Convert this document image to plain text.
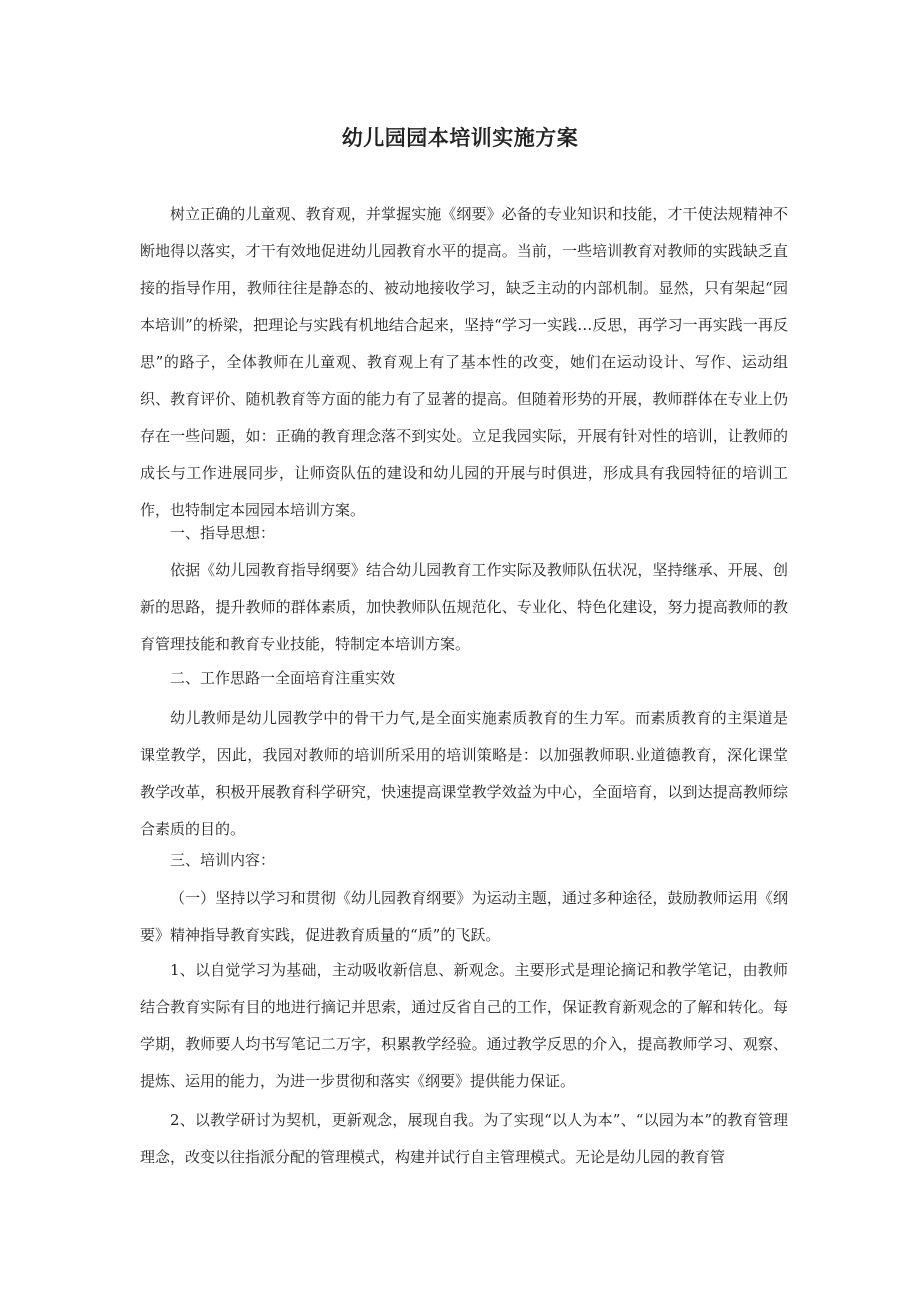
幼儿园园本培训实施方案

树立正确的儿童观、教育观，并掌握实施《纲要》必备的专业知识和技能，才干使法规精神不断地得以落实，才干有效地促进幼儿园教育水平的提高。当前，一些培训教育对教师的实践缺乏直接的指导作用，教师往往是静态的、被动地接收学习，缺乏主动的内部机制。显然，只有架起“园本培训”的桥梁，把理论与实践有机地结合起来，坚持“学习一实践…反思，再学习一再实践一再反思”的路子，全体教师在儿童观、教育观上有了基本性的改变，她们在运动设计、写作、运动组织、教育评价、随机教育等方面的能力有了显著的提高。但随着形势的开展，教师群体在专业上仍存在一些问题，如：正确的教育理念落不到实处。立足我园实际，开展有针对性的培训，让教师的成长与工作进展同步，让师资队伍的建设和幼儿园的开展与时俱进，形成具有我园特征的培训工作，也特制定本园园本培训方案。

一、指导思想：

依据《幼儿园教育指导纲要》结合幼儿园教育工作实际及教师队伍状况，坚持继承、开展、创新的思路，提升教师的群体素质，加快教师队伍规范化、专业化、特色化建设，努力提高教师的教育管理技能和教育专业技能，特制定本培训方案。

二、工作思路一全面培育注重实效

幼儿教师是幼儿园教学中的骨干力气,是全面实施素质教育的生力军。而素质教育的主渠道是课堂教学，因此，我园对教师的培训所采用的培训策略是：以加强教师职.业道德教育，深化课堂教学改革，积极开展教育科学研究，快速提高课堂教学效益为中心，全面培育，以到达提高教师综合素质的目的。

三、培训内容：

（一）坚持以学习和贯彻《幼儿园教育纲要》为运动主题，通过多种途径，鼓励教师运用《纲要》精神指导教育实践，促进教育质量的“质”的飞跃。

1、以自觉学习为基础，主动吸收新信息、新观念。主要形式是理论摘记和教学笔记，由教师结合教育实际有目的地进行摘记并思索，通过反省自己的工作，保证教育新观念的了解和转化。每学期，教师要人均书写笔记二万字，积累教学经验。通过教学反思的介入，提高教师学习、观察、提炼、运用的能力，为进一步贯彻和落实《纲要》提供能力保证。

2、以教学研讨为契机，更新观念，展现自我。为了实现“以人为本”、“以园为本”的教育管理理念，改变以往指派分配的管理模式，构建并试行自主管理模式。无论是幼儿园的教育管
